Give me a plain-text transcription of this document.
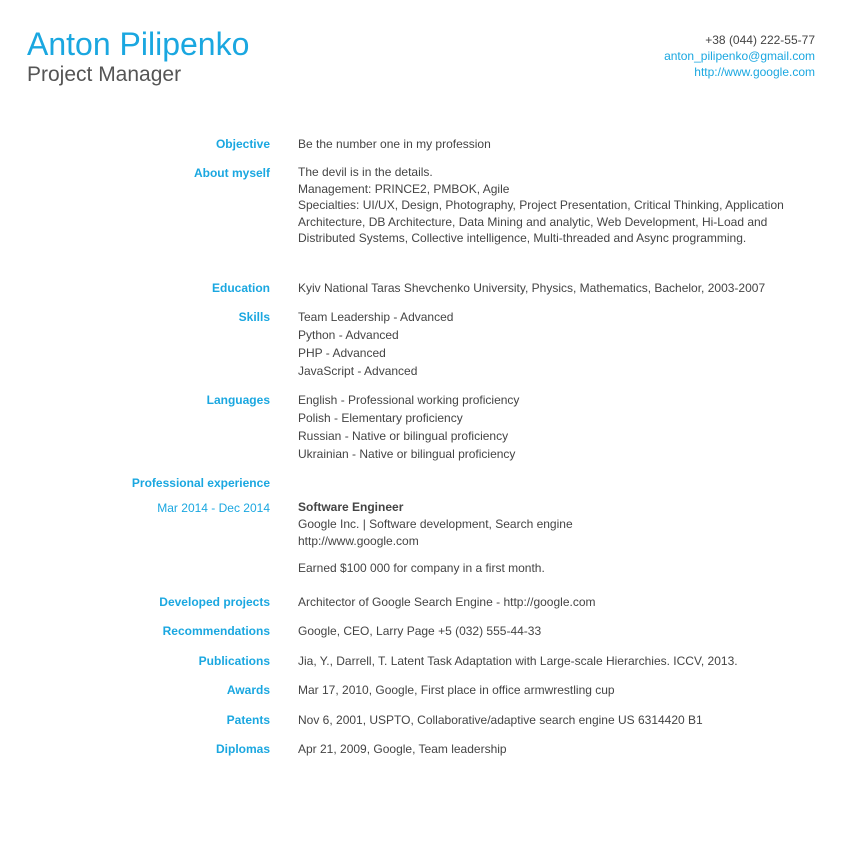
Anton Pilipenko
Project Manager
+38 (044) 222-55-77
anton_pilipenko@gmail.com
http://www.google.com
Objective Be the number one in my profession
About myself The devil is in the details.
Management: PRINCE2, PMBOK, Agile
Specialties: UI/UX, Design, Photography, Project Presentation, Critical Thinking, Application Architecture, DB Architecture, Data Mining and analytic, Web Development, Hi-Load and Distributed Systems, Collective intelligence, Multi-threaded and Async programming.
Education Kyiv National Taras Shevchenko University, Physics, Mathematics, Bachelor, 2003-2007
Skills Team Leadership - Advanced
Python - Advanced
PHP - Advanced
JavaScript - Advanced
Languages English - Professional working proficiency
Polish - Elementary proficiency
Russian - Native or bilingual proficiency
Ukrainian - Native or bilingual proficiency
Professional experience
Mar 2014 - Dec 2014 Software Engineer
Google Inc. | Software development, Search engine
http://www.google.com
Earned $100 000 for company in a first month.
Developed projects Architector of Google Search Engine - http://google.com
Recommendations Google, CEO, Larry Page +5 (032) 555-44-33
Publications Jia, Y., Darrell, T. Latent Task Adaptation with Large-scale Hierarchies. ICCV, 2013.
Awards Mar 17, 2010, Google, First place in office armwrestling cup
Patents Nov 6, 2001, USPTO, Collaborative/adaptive search engine US 6314420 B1
Diplomas Apr 21, 2009, Google, Team leadership
